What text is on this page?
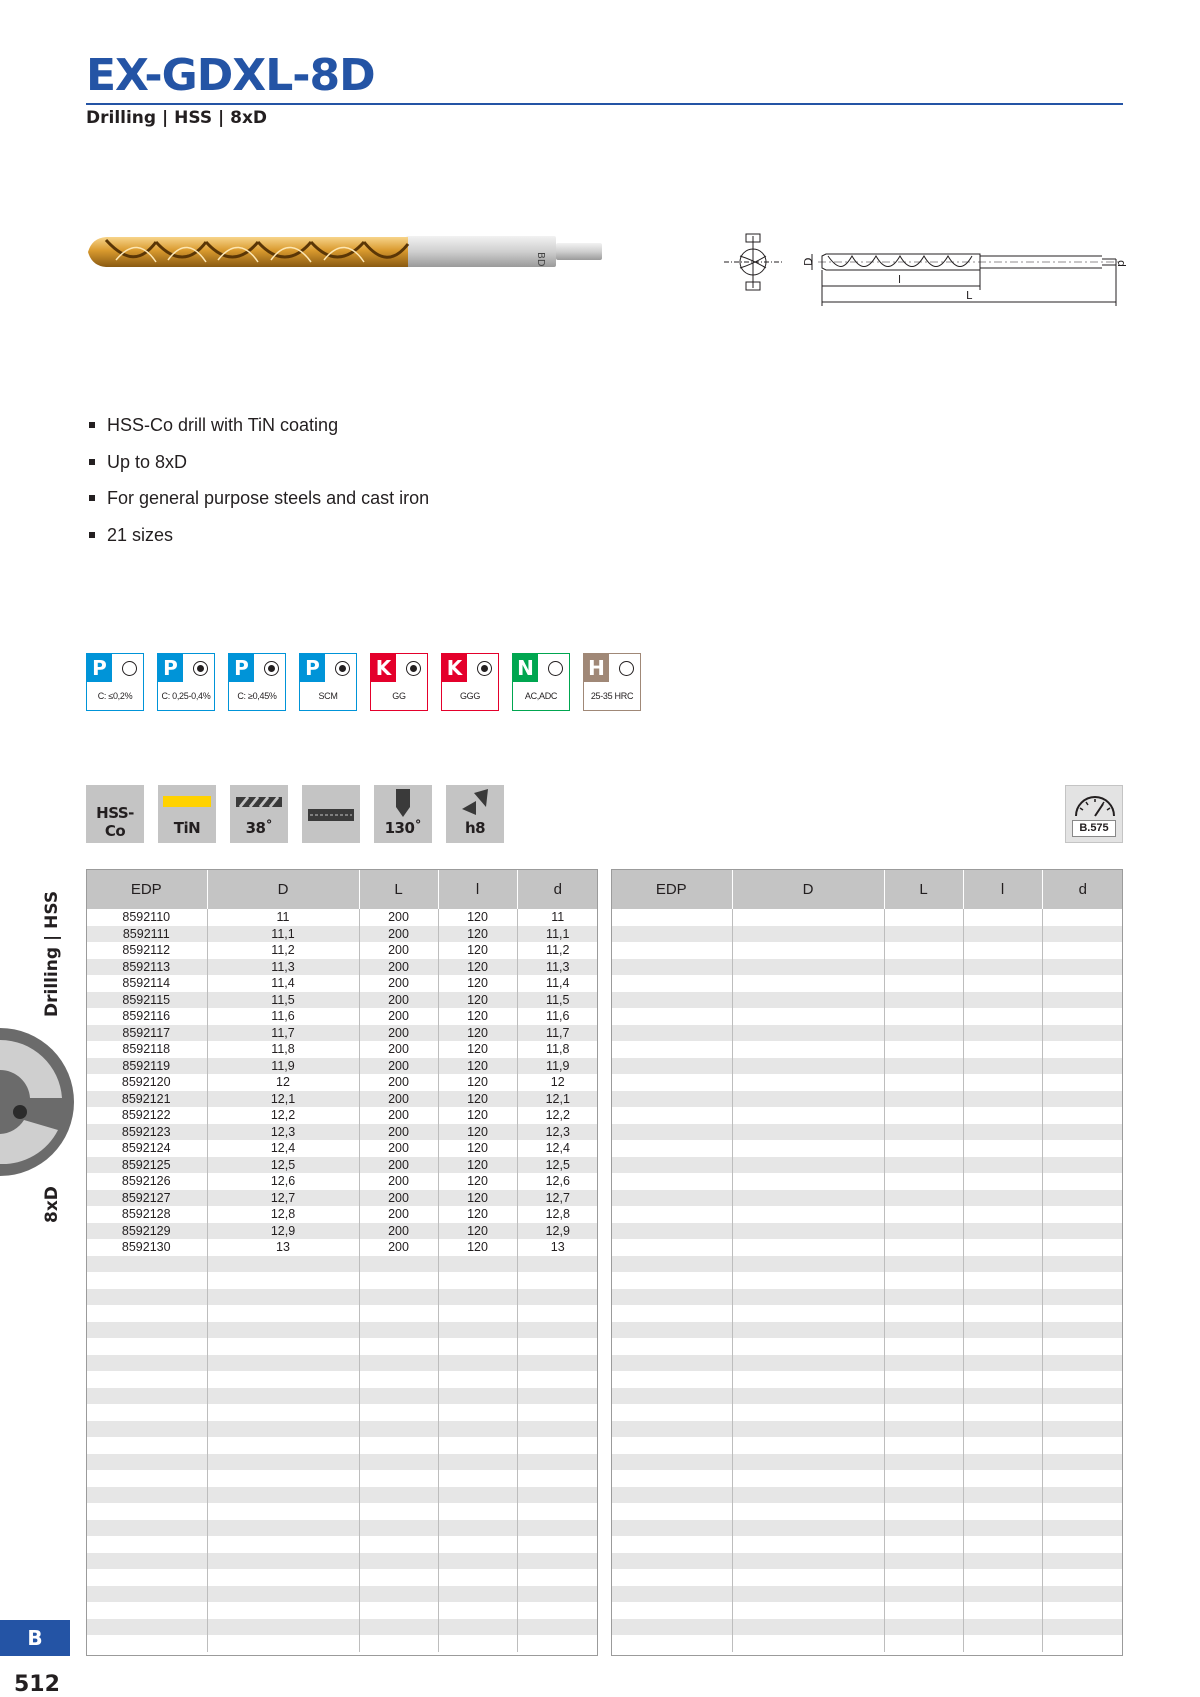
EX-GDXL-8D
Drilling | HSS | 8xD
BD	D
l
L
d
HSS-Co drill with TiN coating
Up to 8xD
For general purpose steels and cast iron
21 sizes
P
C: ≤0,2%
P
C: 0,25-0,4%
P
C: ≥0,45%
P
SCM
K
GG
K
GGG
N
AC,ADC
H
25-35 HRC
HSS-Co	TiN	38˚	130˚	h8	B.575
EDP	D	L	l	d
8592110	11	200	120	11
8592111	11,1	200	120	11,1
8592112	11,2	200	120	11,2
8592113	11,3	200	120	11,3
8592114	11,4	200	120	11,4
8592115	11,5	200	120	11,5
8592116	11,6	200	120	11,6
8592117	11,7	200	120	11,7
8592118	11,8	200	120	11,8
8592119	11,9	200	120	11,9
8592120	12	200	120	12
8592121	12,1	200	120	12,1
8592122	12,2	200	120	12,2
8592123	12,3	200	120	12,3
8592124	12,4	200	120	12,4
8592125	12,5	200	120	12,5
8592126	12,6	200	120	12,6
8592127	12,7	200	120	12,7
8592128	12,8	200	120	12,8
8592129	12,9	200	120	12,9
8592130	13	200	120	13

EDP	D	L	l	d

Drilling | HSS
8xD
B
512
